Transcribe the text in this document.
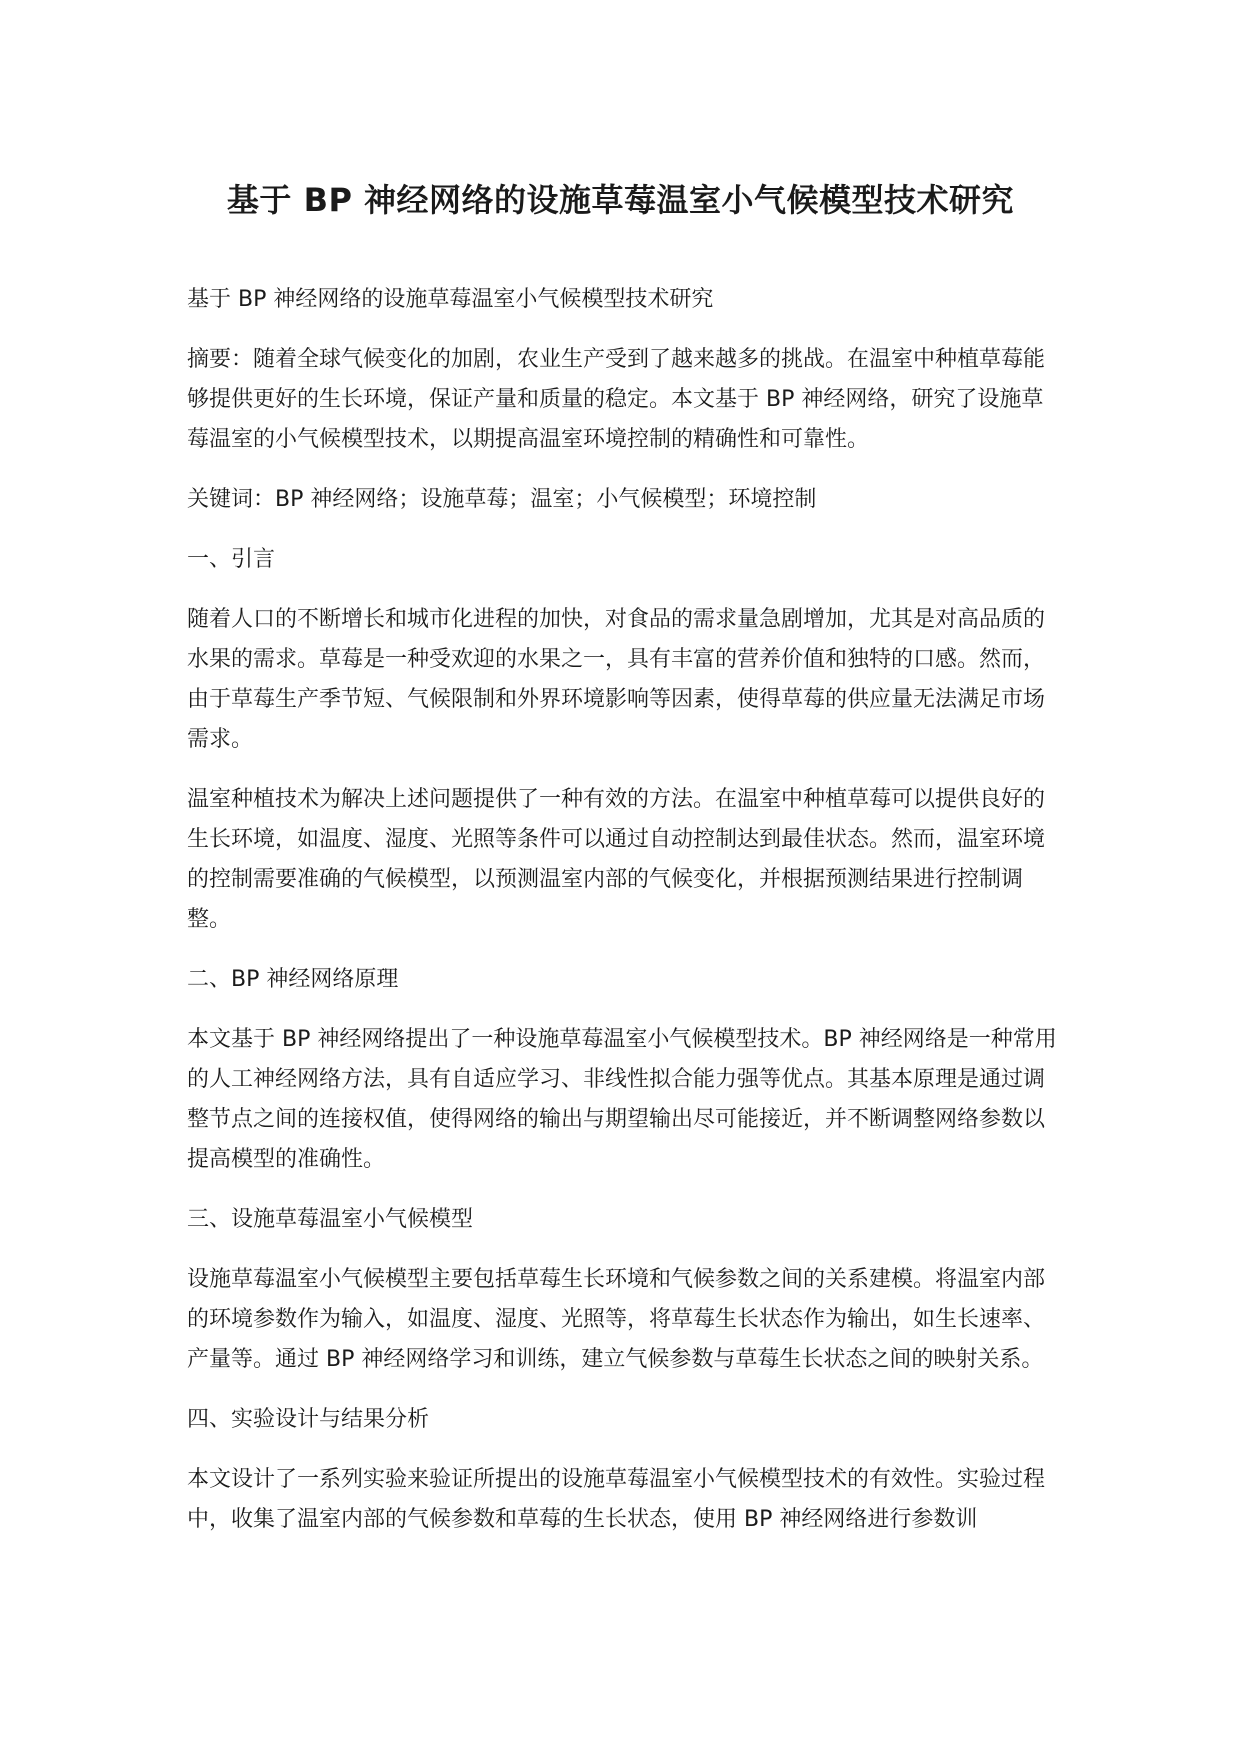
基于 BP 神经网络的设施草莓温室小气候模型技术研究

基于 BP 神经网络的设施草莓温室小气候模型技术研究

摘要：随着全球气候变化的加剧，农业生产受到了越来越多的挑战。在温室中种植草莓能够提供更好的生长环境，保证产量和质量的稳定。本文基于 BP 神经网络，研究了设施草莓温室的小气候模型技术，以期提高温室环境控制的精确性和可靠性。

关键词：BP 神经网络；设施草莓；温室；小气候模型；环境控制

一、引言

随着人口的不断增长和城市化进程的加快，对食品的需求量急剧增加，尤其是对高品质的水果的需求。草莓是一种受欢迎的水果之一，具有丰富的营养价值和独特的口感。然而，由于草莓生产季节短、气候限制和外界环境影响等因素，使得草莓的供应量无法满足市场需求。

温室种植技术为解决上述问题提供了一种有效的方法。在温室中种植草莓可以提供良好的生长环境，如温度、湿度、光照等条件可以通过自动控制达到最佳状态。然而，温室环境的控制需要准确的气候模型，以预测温室内部的气候变化，并根据预测结果进行控制调整。

二、BP 神经网络原理

本文基于 BP 神经网络提出了一种设施草莓温室小气候模型技术。BP 神经网络是一种常用的人工神经网络方法，具有自适应学习、非线性拟合能力强等优点。其基本原理是通过调整节点之间的连接权值，使得网络的输出与期望输出尽可能接近，并不断调整网络参数以提高模型的准确性。

三、设施草莓温室小气候模型

设施草莓温室小气候模型主要包括草莓生长环境和气候参数之间的关系建模。将温室内部的环境参数作为输入，如温度、湿度、光照等，将草莓生长状态作为输出，如生长速率、产量等。通过 BP 神经网络学习和训练，建立气候参数与草莓生长状态之间的映射关系。

四、实验设计与结果分析

本文设计了一系列实验来验证所提出的设施草莓温室小气候模型技术的有效性。实验过程中，收集了温室内部的气候参数和草莓的生长状态，使用 BP 神经网络进行参数训
